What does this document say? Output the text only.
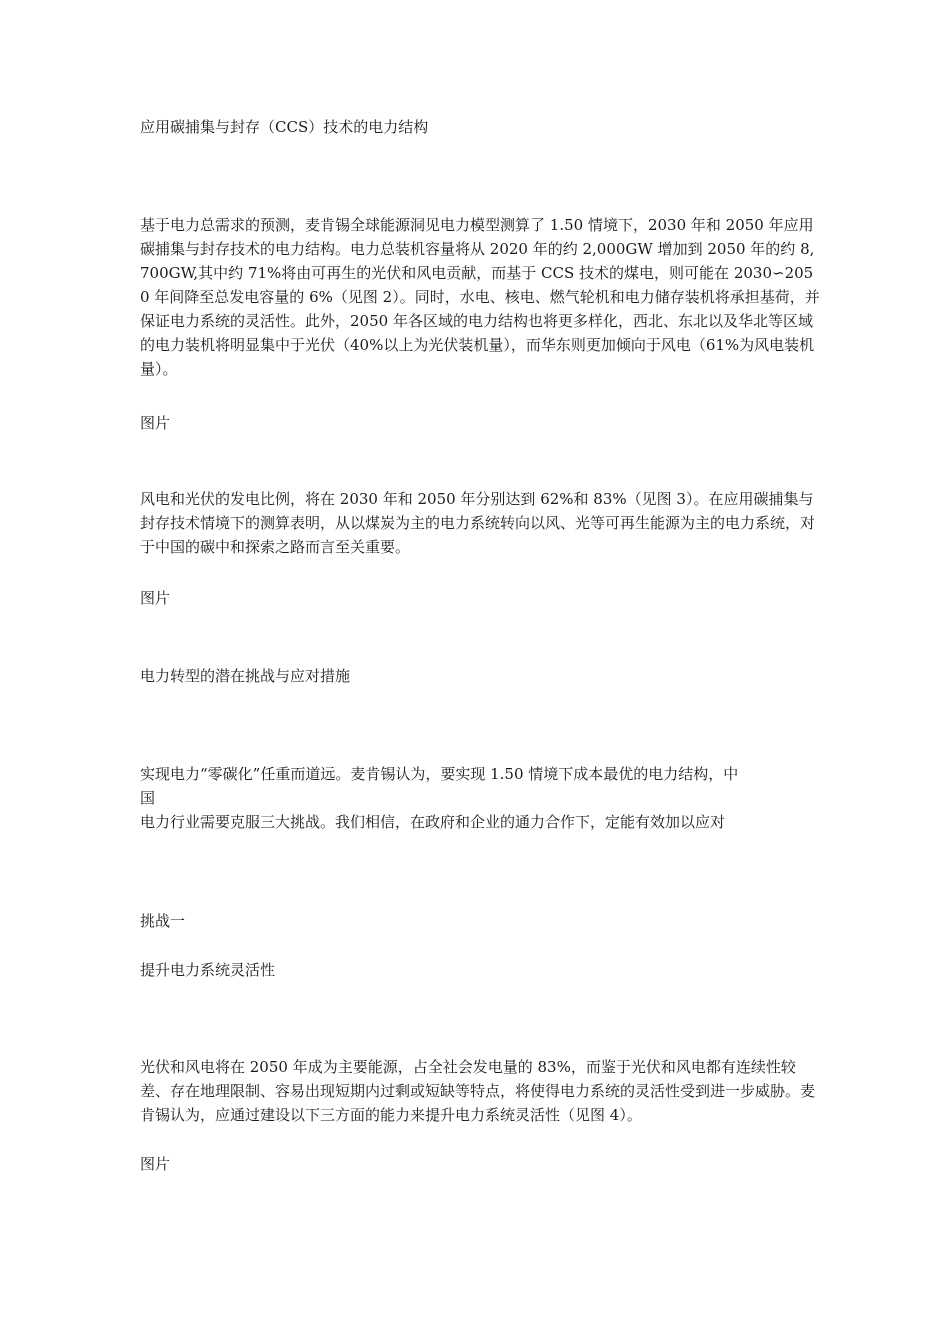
应用碳捕集与封存（CCS）技术的电力结构

基于电力总需求的预测，麦肯锡全球能源洞见电力模型测算了 1.50 情境下，2030 年和 2050 年应用碳捕集与封存技术的电力结构。电力总装机容量将从 2020 年的约 2,000GW 增加到 2050 年的约 8,700GW,其中约 71%将由可再生的光伏和风电贡献，而基于 CCS 技术的煤电，则可能在 2030∽2050 年间降至总发电容量的 6%（见图 2）。同时，水电、核电、燃气轮机和电力储存装机将承担基荷，并保证电力系统的灵活性。此外，2050 年各区域的电力结构也将更多样化，西北、东北以及华北等区域的电力装机将明显集中于光伏（40%以上为光伏装机量），而华东则更加倾向于风电（61%为风电装机量）。

图片

风电和光伏的发电比例，将在 2030 年和 2050 年分别达到 62%和 83%（见图 3）。在应用碳捕集与封存技术情境下的测算表明，从以煤炭为主的电力系统转向以风、光等可再生能源为主的电力系统，对于中国的碳中和探索之路而言至关重要。

图片

电力转型的潜在挑战与应对措施

实现电力“零碳化”任重而道远。麦肯锡认为，要实现 1.50 情境下成本最优的电力结构，中
国
电力行业需要克服三大挑战。我们相信，在政府和企业的通力合作下，定能有效加以应对

挑战一

提升电力系统灵活性

光伏和风电将在 2050 年成为主要能源，占全社会发电量的 83%，而鉴于光伏和风电都有连续性较差、存在地理限制、容易出现短期内过剩或短缺等特点，将使得电力系统的灵活性受到进一步威胁。麦肯锡认为，应通过建设以下三方面的能力来提升电力系统灵活性（见图 4）。

图片
